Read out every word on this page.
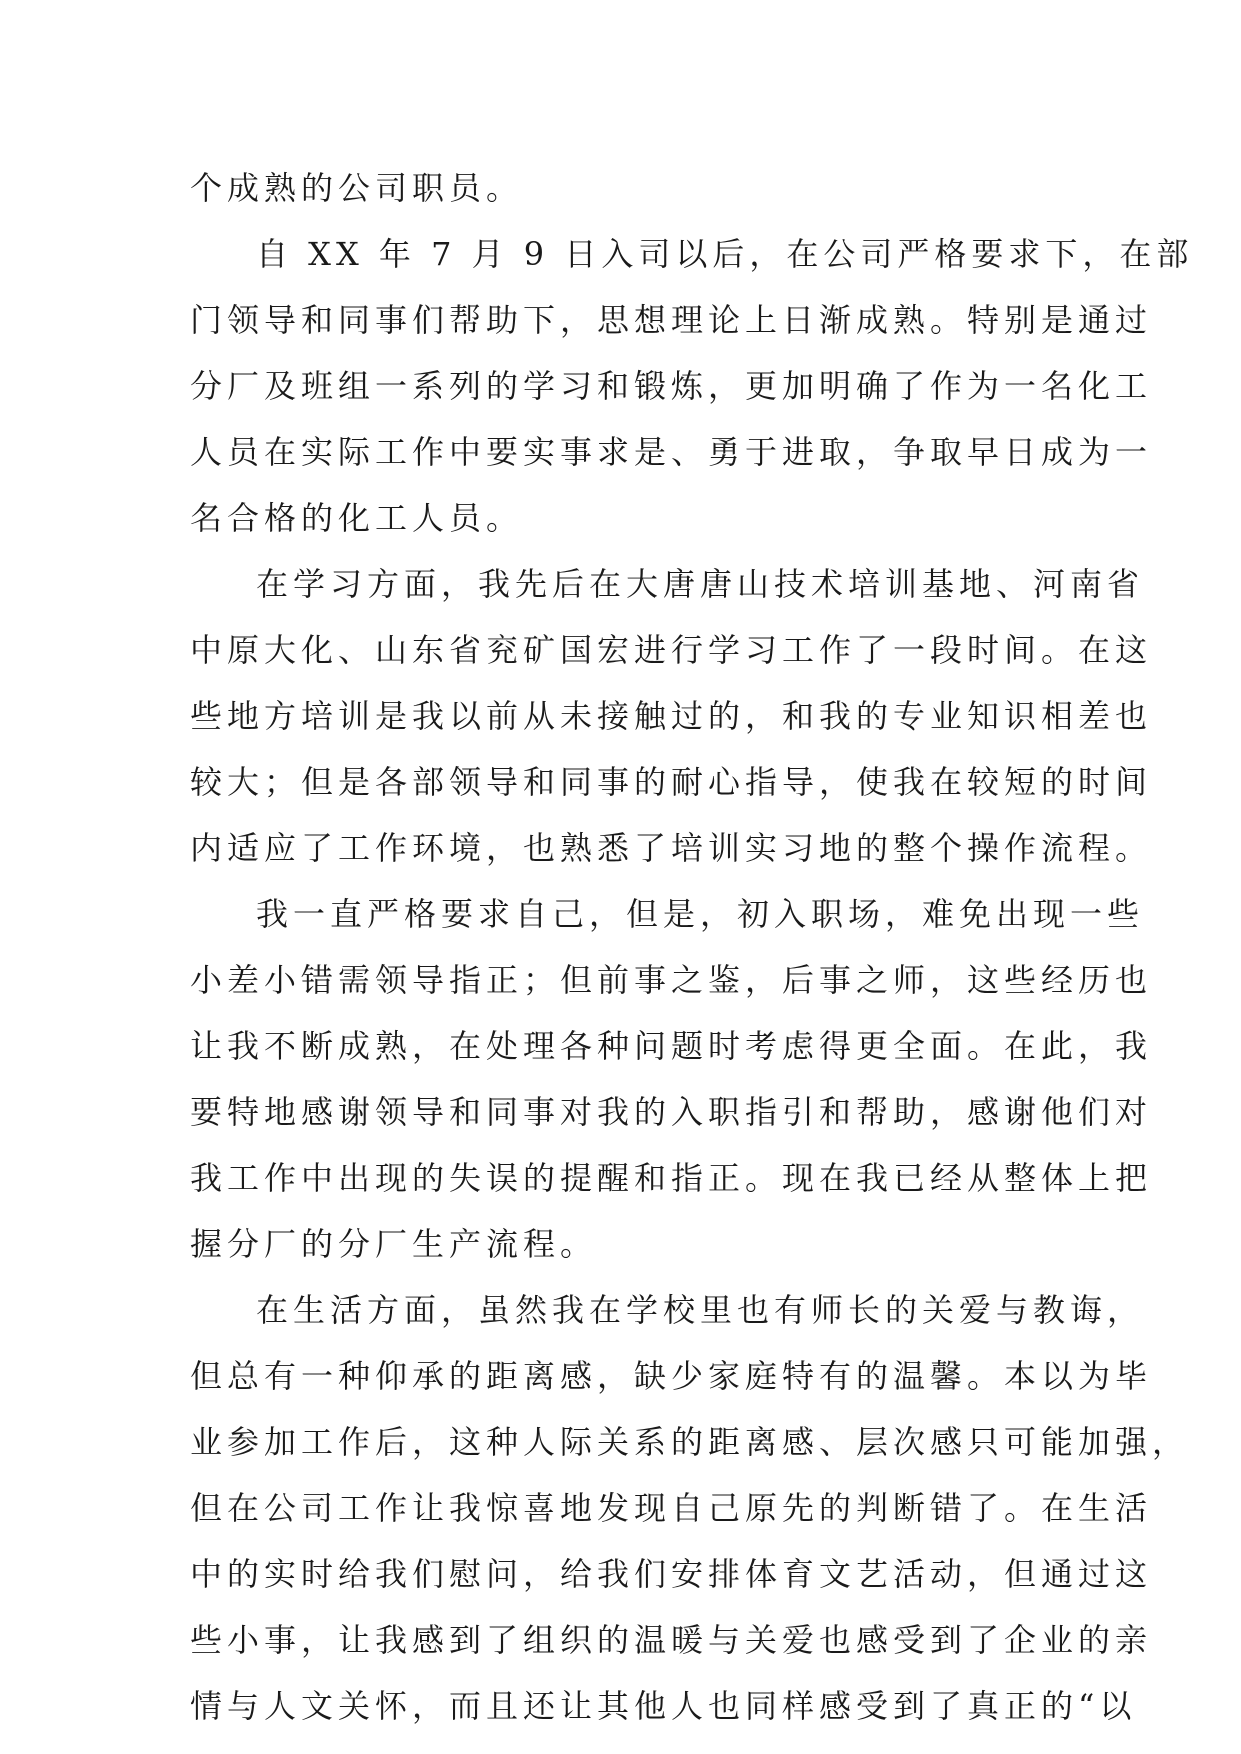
个成熟的公司职员。
自 XX 年 7 月 9 日入司以后，在公司严格要求下，在部
门领导和同事们帮助下，思想理论上日渐成熟。特别是通过
分厂及班组一系列的学习和锻炼，更加明确了作为一名化工
人员在实际工作中要实事求是、勇于进取，争取早日成为一
名合格的化工人员。
在学习方面，我先后在大唐唐山技术培训基地、河南省
中原大化、山东省兖矿国宏进行学习工作了一段时间。在这
些地方培训是我以前从未接触过的，和我的专业知识相差也
较大；但是各部领导和同事的耐心指导，使我在较短的时间
内适应了工作环境，也熟悉了培训实习地的整个操作流程。
我一直严格要求自己，但是，初入职场，难免出现一些
小差小错需领导指正；但前事之鉴，后事之师，这些经历也
让我不断成熟，在处理各种问题时考虑得更全面。在此，我
要特地感谢领导和同事对我的入职指引和帮助，感谢他们对
我工作中出现的失误的提醒和指正。现在我已经从整体上把
握分厂的分厂生产流程。
在生活方面，虽然我在学校里也有师长的关爱与教诲，
但总有一种仰承的距离感，缺少家庭特有的温馨。本以为毕
业参加工作后，这种人际关系的距离感、层次感只可能加强，
但在公司工作让我惊喜地发现自己原先的判断错了。在生活
中的实时给我们慰问，给我们安排体育文艺活动，但通过这
些小事，让我感到了组织的温暖与关爱也感受到了企业的亲
情与人文关怀，而且还让其他人也同样感受到了真正的“以
